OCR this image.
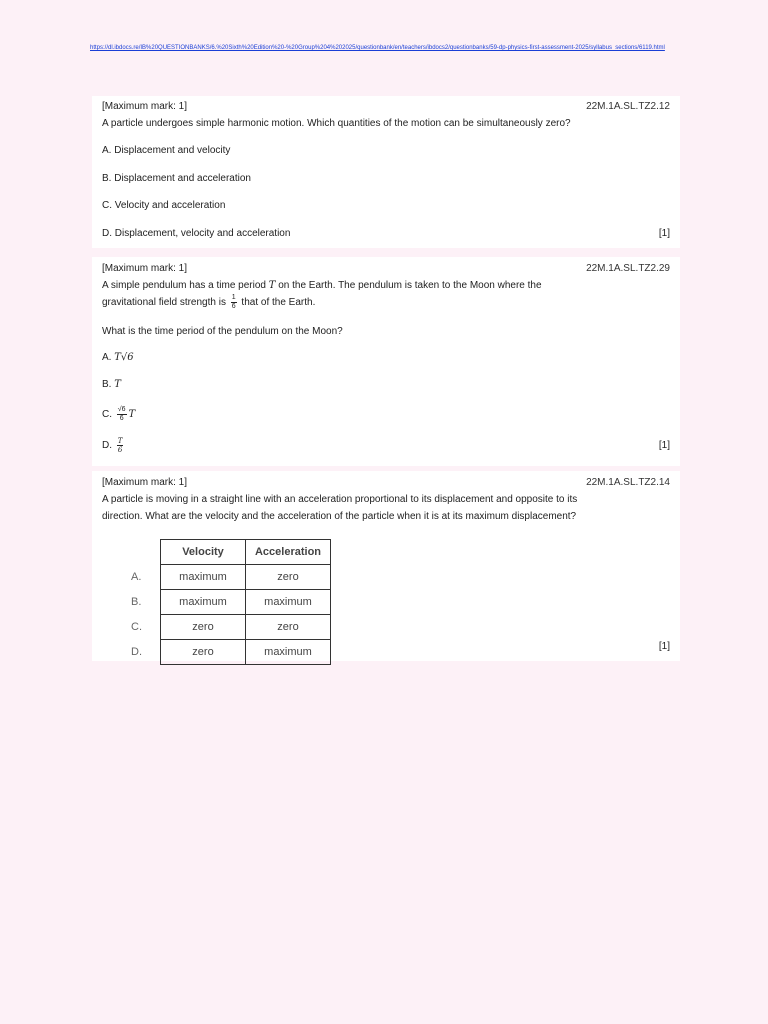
https://dl.ibdocs.re/IB%20QUESTIONBANKS/6.%20Sixth%20Edition%20-%20Group%204%202025/questionbank/en/teachers/ibdocs2/questionbanks/59-dp-physics-first-assessment-2025/syllabus_sections/6119.html
[Maximum mark: 1]	22M.1A.SL.TZ2.12
A particle undergoes simple harmonic motion. Which quantities of the motion can be simultaneously zero?
A. Displacement and velocity
B. Displacement and acceleration
C. Velocity and acceleration
D. Displacement, velocity and acceleration	[1]
[Maximum mark: 1]	22M.1A.SL.TZ2.29
A simple pendulum has a time period T on the Earth. The pendulum is taken to the Moon where the
gravitational field strength is $\frac{1}{6}$ that of the Earth.
What is the time period of the pendulum on the Moon?
A. T√6
B. T
C. $\frac{√6}{6}$ T
D. $\frac{T}{6}$	[1]
[Maximum mark: 1]	22M.1A.SL.TZ2.14
A particle is moving in a straight line with an acceleration proportional to its displacement and opposite to its
direction. What are the velocity and the acceleration of the particle when it is at its maximum displacement?
	Velocity	Acceleration
A.	maximum	zero
B.	maximum	maximum
C.	zero	zero
D.	zero	maximum	[1]
